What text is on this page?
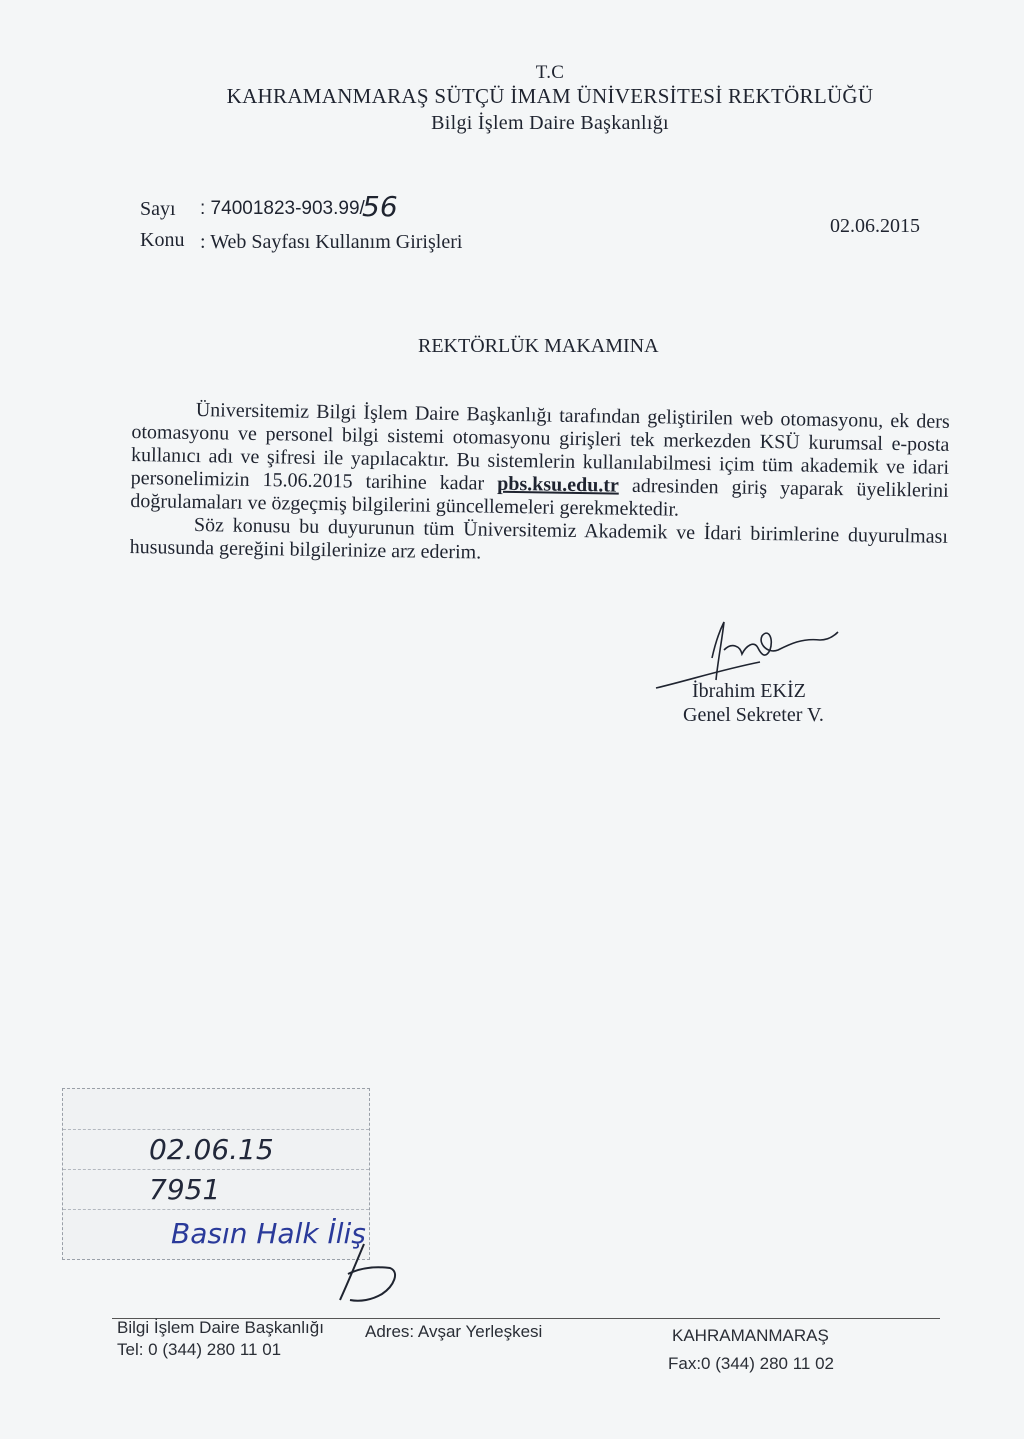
T.C
KAHRAMANMARAŞ SÜTÇÜ İMAM ÜNİVERSİTESİ REKTÖRLÜĞÜ
Bilgi İşlem Daire Başkanlığı
Sayı : 74001823-903.99/
56
Konu : Web Sayfası Kullanım Girişleri
02.06.2015
REKTÖRLÜK MAKAMINA

Üniversitemiz Bilgi İşlem Daire Başkanlığı tarafından geliştirilen web otomasyonu, ek ders otomasyonu ve personel bilgi sistemi otomasyonu girişleri tek merkezden KSÜ kurumsal e-posta kullanıcı adı ve şifresi ile yapılacaktır. Bu sistemlerin kullanılabilmesi içim tüm akademik ve idari personelimizin 15.06.2015 tarihine kadar pbs.ksu.edu.tr adresinden giriş yaparak üyeliklerini doğrulamaları ve özgeçmiş bilgilerini güncellemeleri gerekmektedir.

Söz konusu bu duyurunun tüm Üniversitemiz Akademik ve İdari birimlerine duyurulması hususunda gereğini bilgilerinize arz ederim.

İbrahim EKİZ
Genel Sekreter V.
02.06.15
7951
Basın Halk İliş
Bilgi İşlem Daire Başkanlığı
Tel: 0 (344) 280 11 01
Adres: Avşar Yerleşkesi	KAHRAMANMARAŞ
Fax:0 (344) 280 11 02
